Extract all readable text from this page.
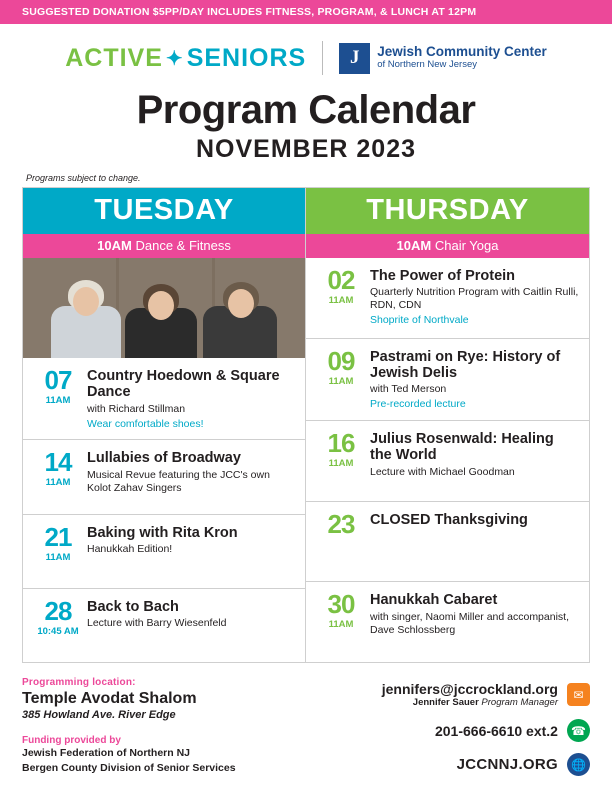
SUGGESTED DONATION $5PP/DAY INCLUDES FITNESS, PROGRAM, & LUNCH AT 12PM
ACTIVE ✦ SENIORS	J	Jewish Community Center
of Northern New Jersey
Program Calendar
NOVEMBER 2023
Programs subject to change.
TUESDAY
10AM Dance & Fitness
07
11AM
Country Hoedown & Square Dance
with Richard Stillman
Wear comfortable shoes!
14
11AM
Lullabies of Broadway
Musical Revue featuring the JCC's own Kolot Zahav Singers
21
11AM
Baking with Rita Kron
Hanukkah Edition!
28
10:45 AM
Back to Bach
Lecture with Barry Wiesenfeld
THURSDAY
10AM Chair Yoga
02
11AM
The Power of Protein
Quarterly Nutrition Program with Caitlin Rulli, RDN, CDN
Shoprite of Northvale
09
11AM
Pastrami on Rye: History of Jewish Delis
with Ted Merson
Pre-recorded lecture
16
11AM
Julius Rosenwald: Healing the World
Lecture with Michael Goodman
23	CLOSED Thanksgiving
30
11AM
Hanukkah Cabaret
with singer, Naomi Miller and accompanist, Dave Schlossberg
Programming location:
Temple Avodat Shalom
385 Howland Ave. River Edge
Funding provided by
Jewish Federation of Northern NJ
Bergen County Division of Senior Services
jennifers@jccrockland.org
Jennifer Sauer Program Manager
✉
201-666-6610 ext.2	☎
JCCNNJ.ORG	🌐
